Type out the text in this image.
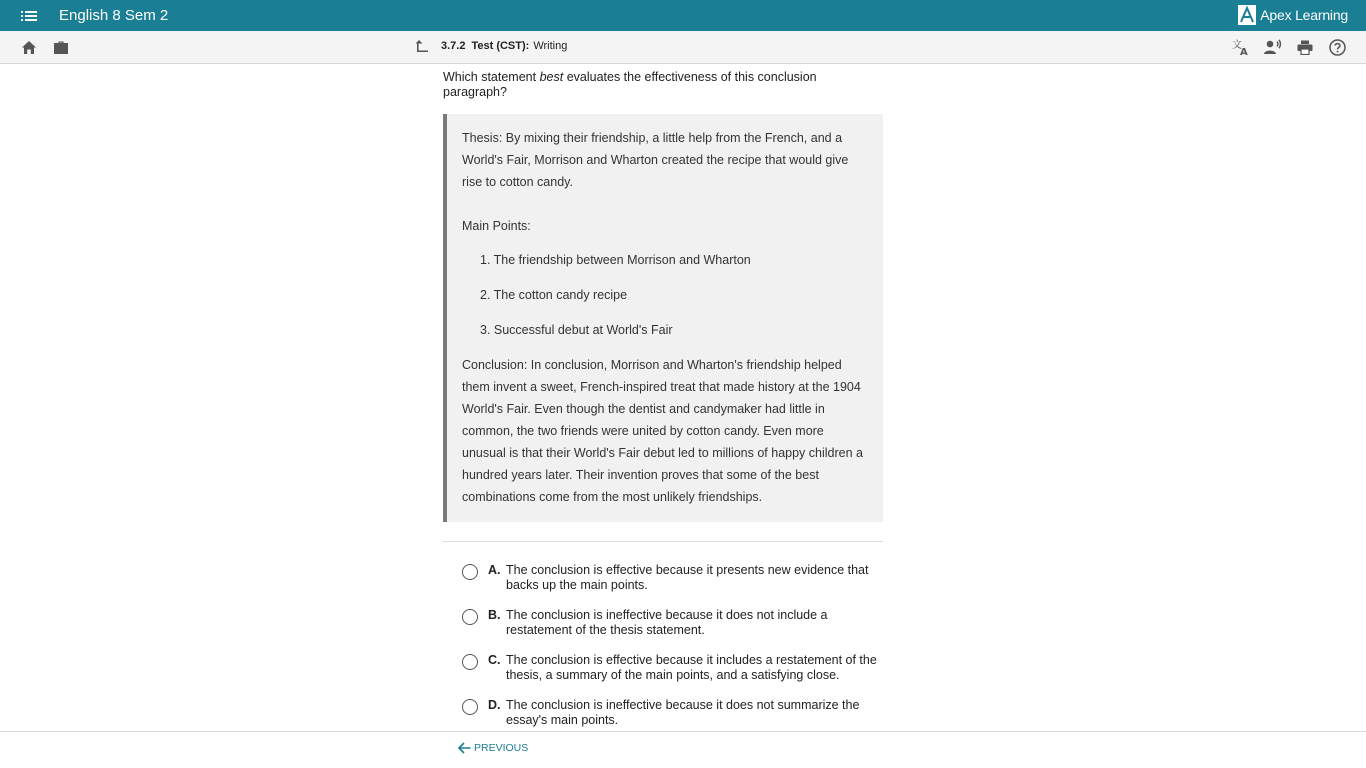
English 8 Sem 2	Apex Learning
3.7.2 Test (CST): Writing	文
A

Which statement best evaluates the effectiveness of this conclusion paragraph?

Thesis: By mixing their friendship, a little help from the French, and a World's Fair, Morrison and Wharton created the recipe that would give rise to cotton candy.

Main Points:

1. The friendship between Morrison and Wharton
2. The cotton candy recipe
3. Successful debut at World's Fair

Conclusion: In conclusion, Morrison and Wharton's friendship helped them invent a sweet, French-inspired treat that made history at the 1904 World's Fair. Even though the dentist and candymaker had little in common, the two friends were united by cotton candy. Even more unusual is that their World's Fair debut led to millions of happy children a hundred years later. Their invention proves that some of the best combinations come from the most unlikely friendships.

A. The conclusion is effective because it presents new evidence that backs up the main points.
B. The conclusion is ineffective because it does not include a restatement of the thesis statement.
C. The conclusion is effective because it includes a restatement of the thesis, a summary of the main points, and a satisfying close.
D. The conclusion is ineffective because it does not summarize the essay's main points.
PREVIOUS
